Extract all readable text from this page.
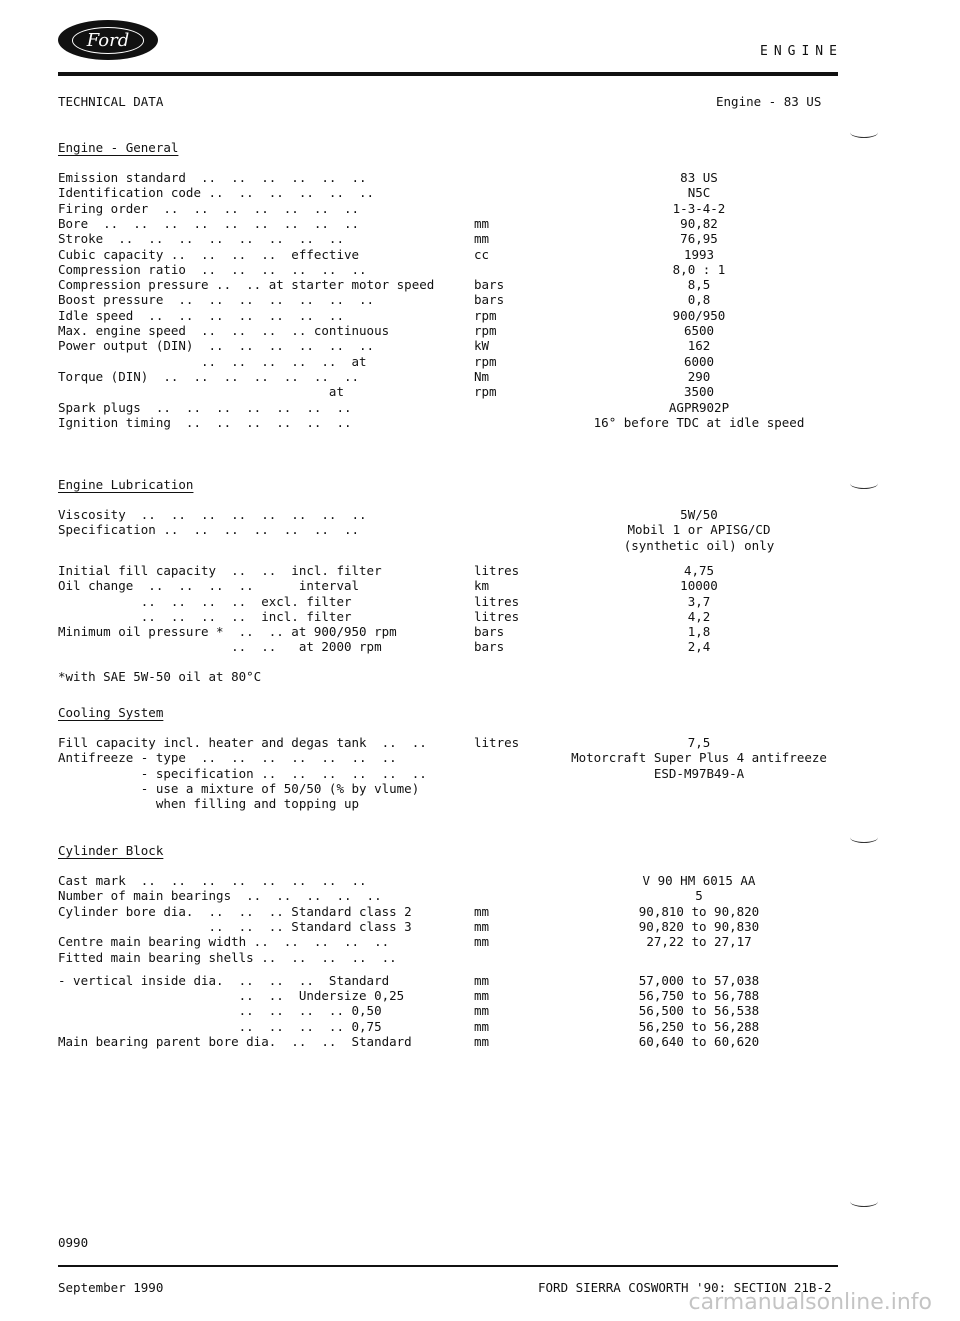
Ford
ENGINE
TECHNICAL DATA	Engine - 83 US
Engine - General
Emission standard  ..  ..  ..  ..  ..  ..	83 US
Identification code ..  ..  ..  ..  ..  ..	N5C
Firing order  ..  ..  ..  ..  ..  ..  ..	1-3-4-2
Bore  ..  ..  ..  ..  ..  ..  ..  ..  ..	mm	90,82
Stroke  ..  ..  ..  ..  ..  ..  ..  ..	mm	76,95
Cubic capacity ..  ..  ..  ..  effective	cc	1993
Compression ratio  ..  ..  ..  ..  ..  ..	8,0 : 1
Compression pressure ..  .. at starter motor speed	bars	8,5
Boost pressure  ..  ..  ..  ..  ..  ..  ..	bars	0,8
Idle speed  ..  ..  ..  ..  ..  ..  ..	rpm	900/950
Max. engine speed  ..  ..  ..  .. continuous	rpm	6500
Power output (DIN)  ..  ..  ..  ..  ..  ..	kW	162
..  ..  ..  ..  ..  at	rpm	6000
Torque (DIN)  ..  ..  ..  ..  ..  ..  ..	Nm	290
at	rpm	3500
Spark plugs  ..  ..  ..  ..  ..  ..  ..	AGPR902P
Ignition timing  ..  ..  ..  ..  ..  ..	16° before TDC at idle speed
Engine Lubrication
Viscosity  ..  ..  ..  ..  ..  ..  ..  ..	5W/50
Specification ..  ..  ..  ..  ..  ..  ..	Mobil 1 or APISG/CD
(synthetic oil) only
Initial fill capacity  ..  ..  incl. filter	litres	4,75
Oil change  ..  ..  ..  ..      interval	km	10000
..  ..  ..  ..  excl. filter	litres	3,7
..  ..  ..  ..  incl. filter	litres	4,2
Minimum oil pressure *  ..  .. at 900/950 rpm	bars	1,8
..  ..   at 2000 rpm	bars	2,4
*with SAE 5W-50 oil at 80°C
Cooling System
Fill capacity incl. heater and degas tank  ..  ..	litres	7,5
Antifreeze - type  ..  ..  ..  ..  ..  ..  ..	Motorcraft Super Plus 4 antifreeze
- specification ..  ..  ..  ..  ..  ..	ESD-M97B49-A
- use a mixture of 50/50 (% by vlume)
when filling and topping up
Cylinder Block
Cast mark  ..  ..  ..  ..  ..  ..  ..  ..	V 90 HM 6015 AA
Number of main bearings  ..  ..  ..  ..  ..	5
Cylinder bore dia.  ..  ..  .. Standard class 2	mm	90,810 to 90,820
..  ..  .. Standard class 3	mm	90,820 to 90,830
Centre main bearing width ..  ..  ..  ..  ..	mm	27,22 to 27,17
Fitted main bearing shells ..  ..  ..  ..  ..
- vertical inside dia.  ..  ..  ..  Standard	mm	57,000 to 57,038
..  ..  Undersize 0,25	mm	56,750 to 56,788
..  ..  ..  .. 0,50	mm	56,500 to 56,538
..  ..  ..  .. 0,75	mm	56,250 to 56,288
Main bearing parent bore dia.  ..  ..  Standard	mm	60,640 to 60,620
0990
September 1990	FORD SIERRA COSWORTH '90: SECTION 21B-2
carmanualsonline.info
